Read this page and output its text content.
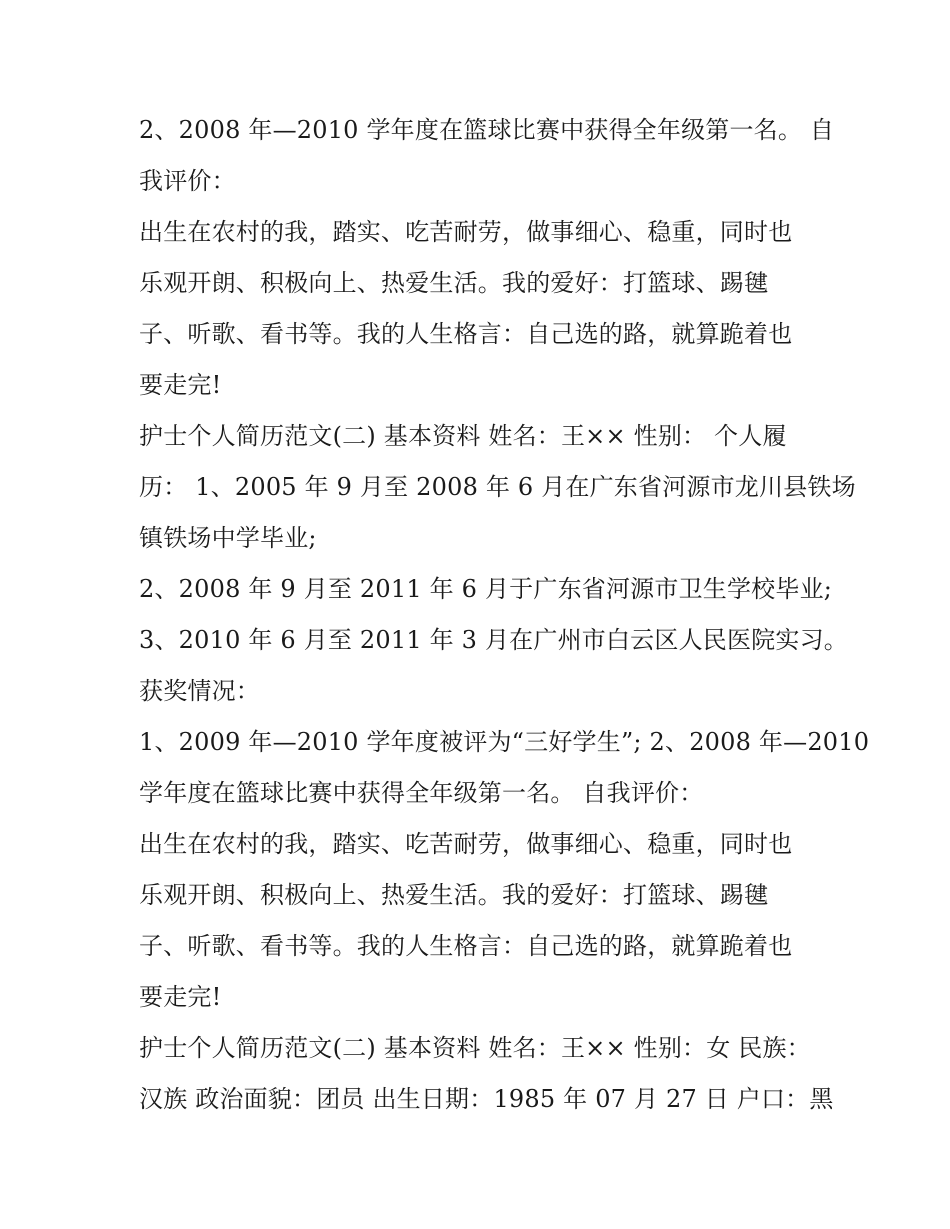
2、2008 年—2010 学年度在篮球比赛中获得全年级第一名。 自

我评价：

出生在农村的我，踏实、吃苦耐劳，做事细心、稳重，同时也

乐观开朗、积极向上、热爱生活。我的爱好：打篮球、踢毽

子、听歌、看书等。我的人生格言：自己选的路，就算跪着也

要走完!

护士个人简历范文(二) 基本资料 姓名：王×× 性别： 个人履

历： 1、2005 年 9 月至 2008 年 6 月在广东省河源市龙川县铁场

镇铁场中学毕业;

2、2008 年 9 月至 2011 年 6 月于广东省河源市卫生学校毕业;

3、2010 年 6 月至 2011 年 3 月在广州市白云区人民医院实习。

获奖情况：

1、2009 年—2010 学年度被评为“三好学生”; 2、2008 年—2010

学年度在篮球比赛中获得全年级第一名。 自我评价：

出生在农村的我，踏实、吃苦耐劳，做事细心、稳重，同时也

乐观开朗、积极向上、热爱生活。我的爱好：打篮球、踢毽

子、听歌、看书等。我的人生格言：自己选的路，就算跪着也

要走完!

护士个人简历范文(二) 基本资料 姓名：王×× 性别：女 民族：

汉族 政治面貌：团员 出生日期：1985 年 07 月 27 日 户口：黑
